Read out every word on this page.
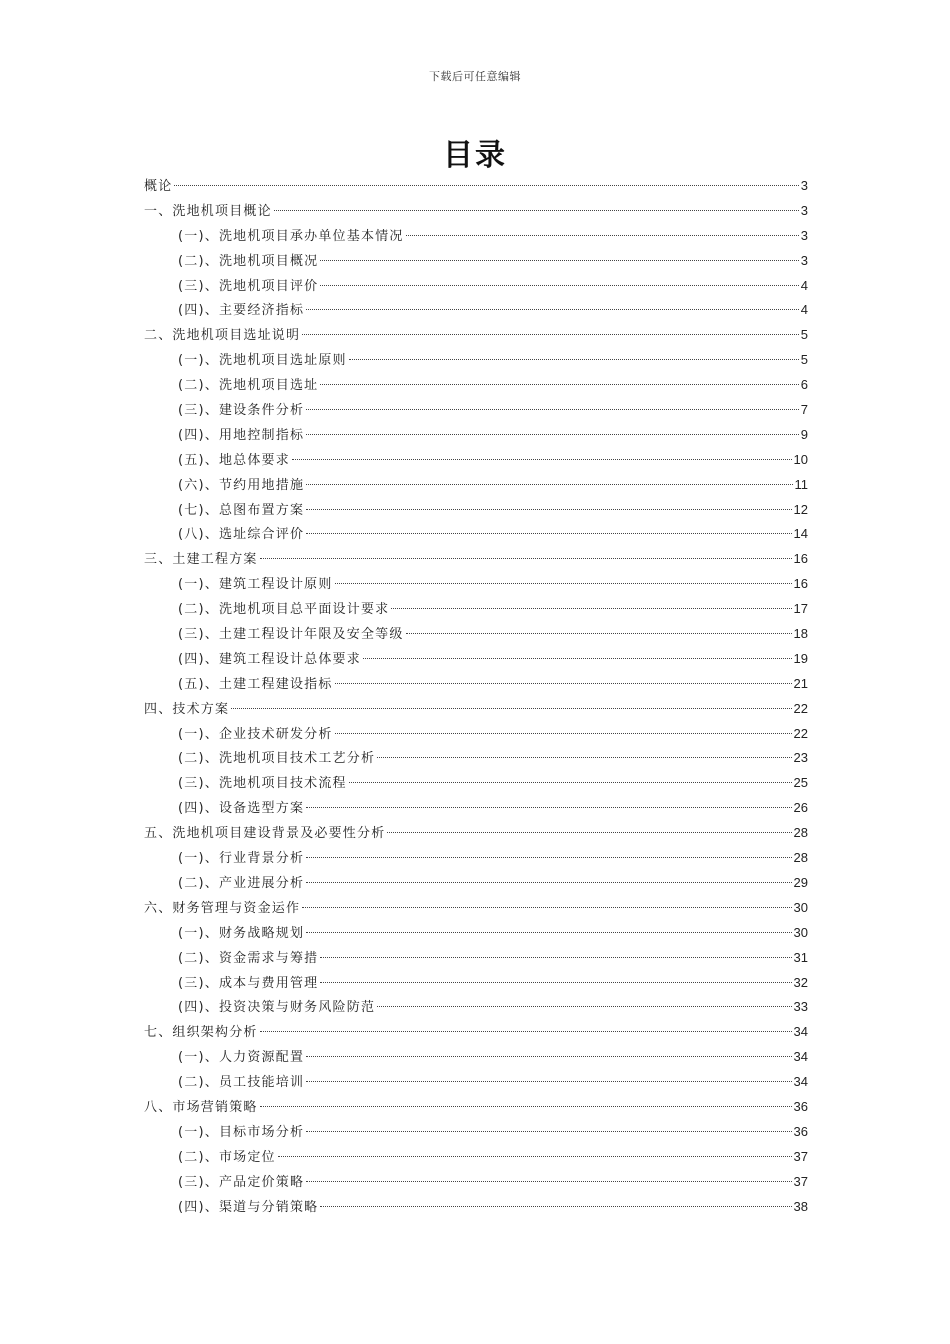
下载后可任意编辑
目录
概论	3
一、洗地机项目概论	3
(一)、洗地机项目承办单位基本情况	3
(二)、洗地机项目概况	3
(三)、洗地机项目评价	4
(四)、主要经济指标	4
二、洗地机项目选址说明	5
(一)、洗地机项目选址原则	5
(二)、洗地机项目选址	6
(三)、建设条件分析	7
(四)、用地控制指标	9
(五)、地总体要求	10
(六)、节约用地措施	11
(七)、总图布置方案	12
(八)、选址综合评价	14
三、土建工程方案	16
(一)、建筑工程设计原则	16
(二)、洗地机项目总平面设计要求	17
(三)、土建工程设计年限及安全等级	18
(四)、建筑工程设计总体要求	19
(五)、土建工程建设指标	21
四、技术方案	22
(一)、企业技术研发分析	22
(二)、洗地机项目技术工艺分析	23
(三)、洗地机项目技术流程	25
(四)、设备选型方案	26
五、洗地机项目建设背景及必要性分析	28
(一)、行业背景分析	28
(二)、产业进展分析	29
六、财务管理与资金运作	30
(一)、财务战略规划	30
(二)、资金需求与筹措	31
(三)、成本与费用管理	32
(四)、投资决策与财务风险防范	33
七、组织架构分析	34
(一)、人力资源配置	34
(二)、员工技能培训	34
八、市场营销策略	36
(一)、目标市场分析	36
(二)、市场定位	37
(三)、产品定价策略	37
(四)、渠道与分销策略	38
